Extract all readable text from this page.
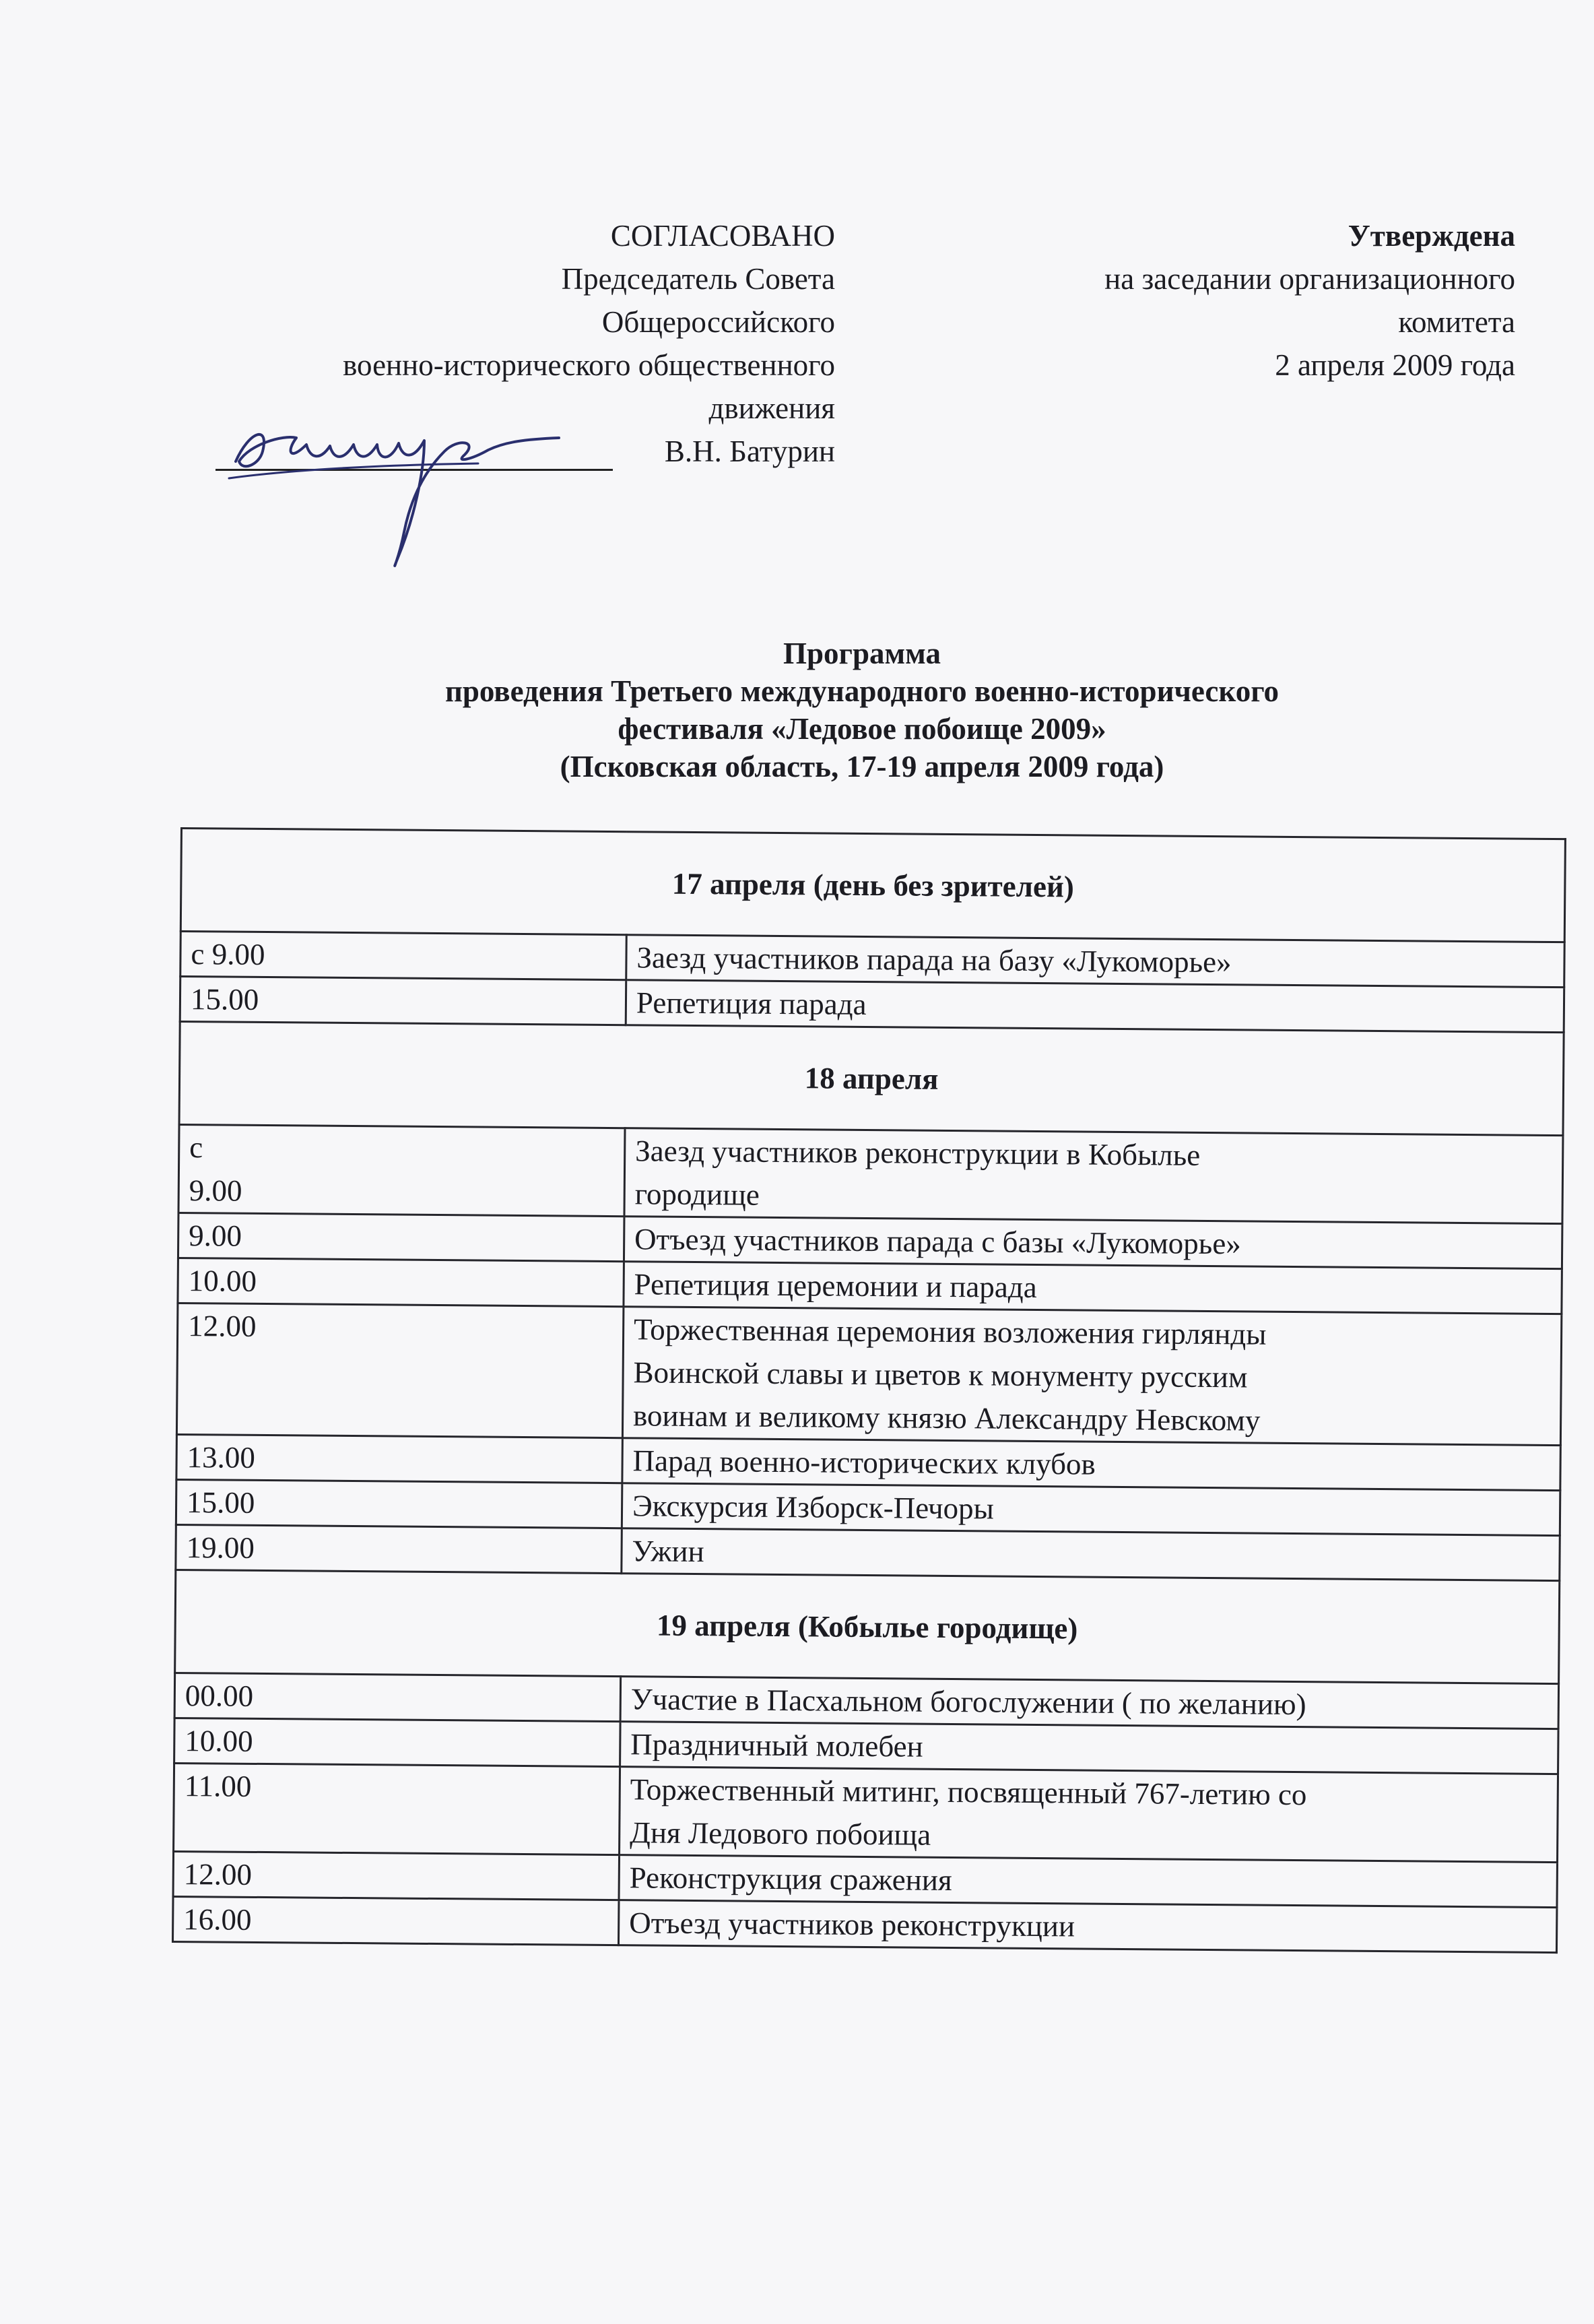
СОГЛАСОВАНО
Председатель Совета
Общероссийского
военно-исторического общественного
движения
В.Н. Батурин
Утверждена
на заседании организационного
комитета
2 апреля 2009 года
Программа
проведения Третьего международного военно-исторического
фестиваля «Ледовое побоище 2009»
(Псковская область, 17-19 апреля 2009 года)
17 апреля (день без зрителей)	
с 9.00	Заезд участников парада на базу «Лукоморье»
15.00	Репетиция парада
18 апреля	

с
9.00	Заезд участников реконструкции в Кобылье
городище

9.00	Отъезд участников парада с базы «Лукоморье»
10.00	Репетиция церемонии и парада
12.00	Торжественная церемония возложения гирлянды
Воинской славы и цветов к монументу русским
воинам и великому князю Александру Невскому

13.00	Парад военно-исторических клубов
15.00	Экскурсия Изборск-Печоры
19.00	Ужин
19 апреля (Кобылье городище)	
00.00	Участие в Пасхальном богослужении ( по желанию)
10.00	Праздничный молебен
11.00	Торжественный митинг, посвященный 767-летию со
Дня Ледового побоища

12.00	Реконструкция сражения
16.00	Отъезд участников реконструкции
